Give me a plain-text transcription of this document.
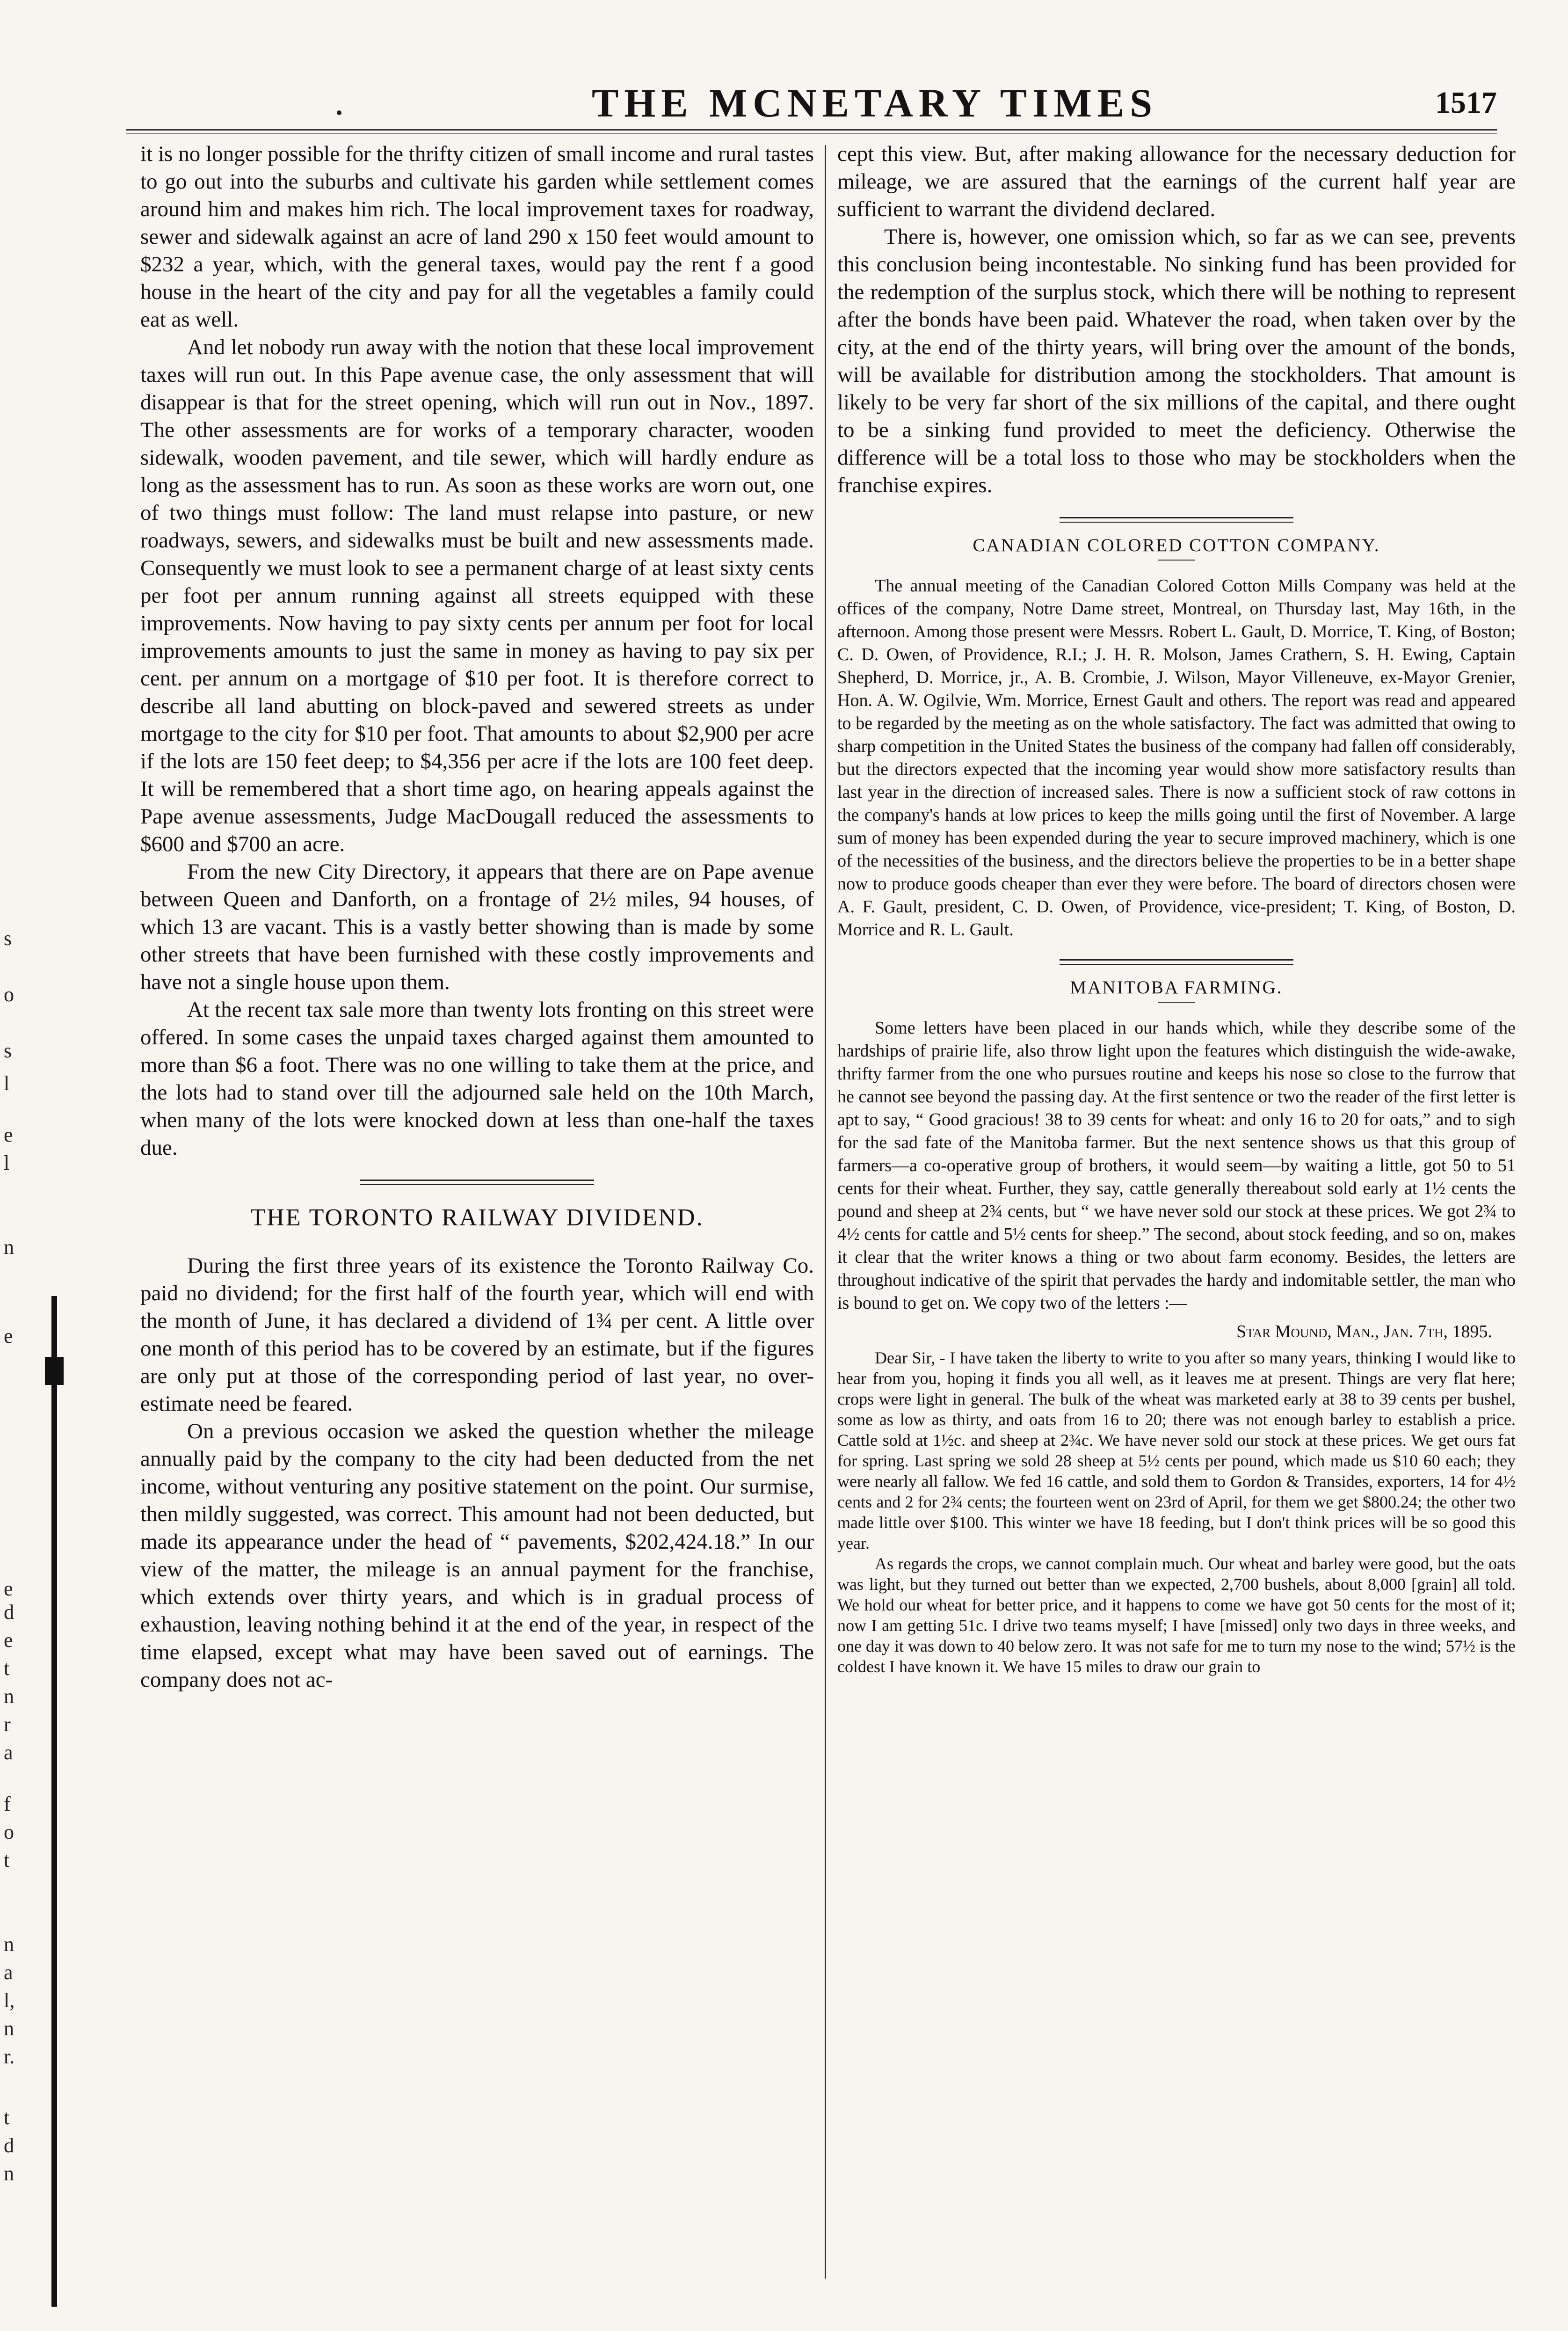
s
o
s
l
e
l
n
e
e
d
e
t
n
r
a
f
o
t
n
a
l,
n
r.
t
d
n
THE MCNETARY TIMES	1517

it is no longer possible for the thrifty citizen of small income and rural tastes to go out into the suburbs and cultivate his garden while settlement comes around him and makes him rich. The local improvement taxes for roadway, sewer and sidewalk against an acre of land 290 x 150 feet would amount to $232 a year, which, with the general taxes, would pay the rent f a good house in the heart of the city and pay for all the vegetables a family could eat as well.

And let nobody run away with the notion that these local improvement taxes will run out. In this Pape avenue case, the only assessment that will disappear is that for the street opening, which will run out in Nov., 1897. The other assessments are for works of a temporary character, wooden sidewalk, wooden pavement, and tile sewer, which will hardly endure as long as the assessment has to run. As soon as these works are worn out, one of two things must follow: The land must relapse into pasture, or new roadways, sewers, and sidewalks must be built and new assessments made. Consequently we must look to see a permanent charge of at least sixty cents per foot per annum running against all streets equipped with these improvements. Now having to pay sixty cents per annum per foot for local improvements amounts to just the same in money as having to pay six per cent. per annum on a mortgage of $10 per foot. It is therefore correct to describe all land abutting on block-paved and sewered streets as under mortgage to the city for $10 per foot. That amounts to about $2,900 per acre if the lots are 150 feet deep; to $4,356 per acre if the lots are 100 feet deep. It will be remembered that a short time ago, on hearing appeals against the Pape avenue assessments, Judge MacDougall reduced the assessments to $600 and $700 an acre.

From the new City Directory, it appears that there are on Pape avenue between Queen and Danforth, on a frontage of 2½ miles, 94 houses, of which 13 are vacant. This is a vastly better showing than is made by some other streets that have been furnished with these costly improvements and have not a single house upon them.

At the recent tax sale more than twenty lots fronting on this street were offered. In some cases the unpaid taxes charged against them amounted to more than $6 a foot. There was no one willing to take them at the price, and the lots had to stand over till the adjourned sale held on the 10th March, when many of the lots were knocked down at less than one-half the taxes due.

THE TORONTO RAILWAY DIVIDEND.

During the first three years of its existence the Toronto Railway Co. paid no dividend; for the first half of the fourth year, which will end with the month of June, it has declared a dividend of 1¾ per cent. A little over one month of this period has to be covered by an estimate, but if the figures are only put at those of the corresponding period of last year, no over-estimate need be feared.

On a previous occasion we asked the question whether the mileage annually paid by the company to the city had been deducted from the net income, without venturing any positive statement on the point. Our surmise, then mildly suggested, was correct. This amount had not been deducted, but made its appearance under the head of “ pavements, $202,424.18.” In our view of the matter, the mileage is an annual payment for the franchise, which extends over thirty years, and which is in gradual process of exhaustion, leaving nothing behind it at the end of the year, in respect of the time elapsed, except what may have been saved out of earnings. The company does not ac-

cept this view. But, after making allowance for the necessary deduction for mileage, we are assured that the earnings of the current half year are sufficient to warrant the dividend declared.

There is, however, one omission which, so far as we can see, prevents this conclusion being incontestable. No sinking fund has been provided for the redemption of the surplus stock, which there will be nothing to represent after the bonds have been paid. Whatever the road, when taken over by the city, at the end of the thirty years, will bring over the amount of the bonds, will be available for distribution among the stockholders. That amount is likely to be very far short of the six millions of the capital, and there ought to be a sinking fund provided to meet the deficiency. Otherwise the difference will be a total loss to those who may be stockholders when the franchise expires.

CANADIAN COLORED COTTON COMPANY.

The annual meeting of the Canadian Colored Cotton Mills Company was held at the offices of the company, Notre Dame street, Montreal, on Thursday last, May 16th, in the afternoon. Among those present were Messrs. Robert L. Gault, D. Morrice, T. King, of Boston; C. D. Owen, of Providence, R.I.; J. H. R. Molson, James Crathern, S. H. Ewing, Captain Shepherd, D. Morrice, jr., A. B. Crombie, J. Wilson, Mayor Villeneuve, ex-Mayor Grenier, Hon. A. W. Ogilvie, Wm. Morrice, Ernest Gault and others. The report was read and appeared to be regarded by the meeting as on the whole satisfactory. The fact was admitted that owing to sharp competition in the United States the business of the company had fallen off considerably, but the directors expected that the incoming year would show more satisfactory results than last year in the direction of increased sales. There is now a sufficient stock of raw cottons in the company's hands at low prices to keep the mills going until the first of November. A large sum of money has been expended during the year to secure improved machinery, which is one of the necessities of the business, and the directors believe the properties to be in a better shape now to produce goods cheaper than ever they were before. The board of directors chosen were A. F. Gault, president, C. D. Owen, of Providence, vice-president; T. King, of Boston, D. Morrice and R. L. Gault.

MANITOBA FARMING.

Some letters have been placed in our hands which, while they describe some of the hardships of prairie life, also throw light upon the features which distinguish the wide-awake, thrifty farmer from the one who pursues routine and keeps his nose so close to the furrow that he cannot see beyond the passing day. At the first sentence or two the reader of the first letter is apt to say, “ Good gracious! 38 to 39 cents for wheat: and only 16 to 20 for oats,” and to sigh for the sad fate of the Manitoba farmer. But the next sentence shows us that this group of farmers—a co-operative group of brothers, it would seem—by waiting a little, got 50 to 51 cents for their wheat. Further, they say, cattle generally thereabout sold early at 1½ cents the pound and sheep at 2¾ cents, but “ we have never sold our stock at these prices. We got 2¾ to 4½ cents for cattle and 5½ cents for sheep.” The second, about stock feeding, and so on, makes it clear that the writer knows a thing or two about farm economy. Besides, the letters are throughout indicative of the spirit that pervades the hardy and indomitable settler, the man who is bound to get on. We copy two of the letters :—

Star Mound, Man., Jan. 7th, 1895.

Dear Sir, - I have taken the liberty to write to you after so many years, thinking I would like to hear from you, hoping it finds you all well, as it leaves me at present. Things are very flat here; crops were light in general. The bulk of the wheat was marketed early at 38 to 39 cents per bushel, some as low as thirty, and oats from 16 to 20; there was not enough barley to establish a price. Cattle sold at 1½c. and sheep at 2¾c. We have never sold our stock at these prices. We get ours fat for spring. Last spring we sold 28 sheep at 5½ cents per pound, which made us $10 60 each; they were nearly all fallow. We fed 16 cattle, and sold them to Gordon & Transides, exporters, 14 for 4½ cents and 2 for 2¾ cents; the fourteen went on 23rd of April, for them we get $800.24; the other two made little over $100. This winter we have 18 feeding, but I don't think prices will be so good this year.

As regards the crops, we cannot complain much. Our wheat and barley were good, but the oats was light, but they turned out better than we expected, 2,700 bushels, about 8,000 [grain] all told. We hold our wheat for better price, and it happens to come we have got 50 cents for the most of it; now I am getting 51c. I drive two teams myself; I have [missed] only two days in three weeks, and one day it was down to 40 below zero. It was not safe for me to turn my nose to the wind; 57½ is the coldest I have known it. We have 15 miles to draw our grain to
